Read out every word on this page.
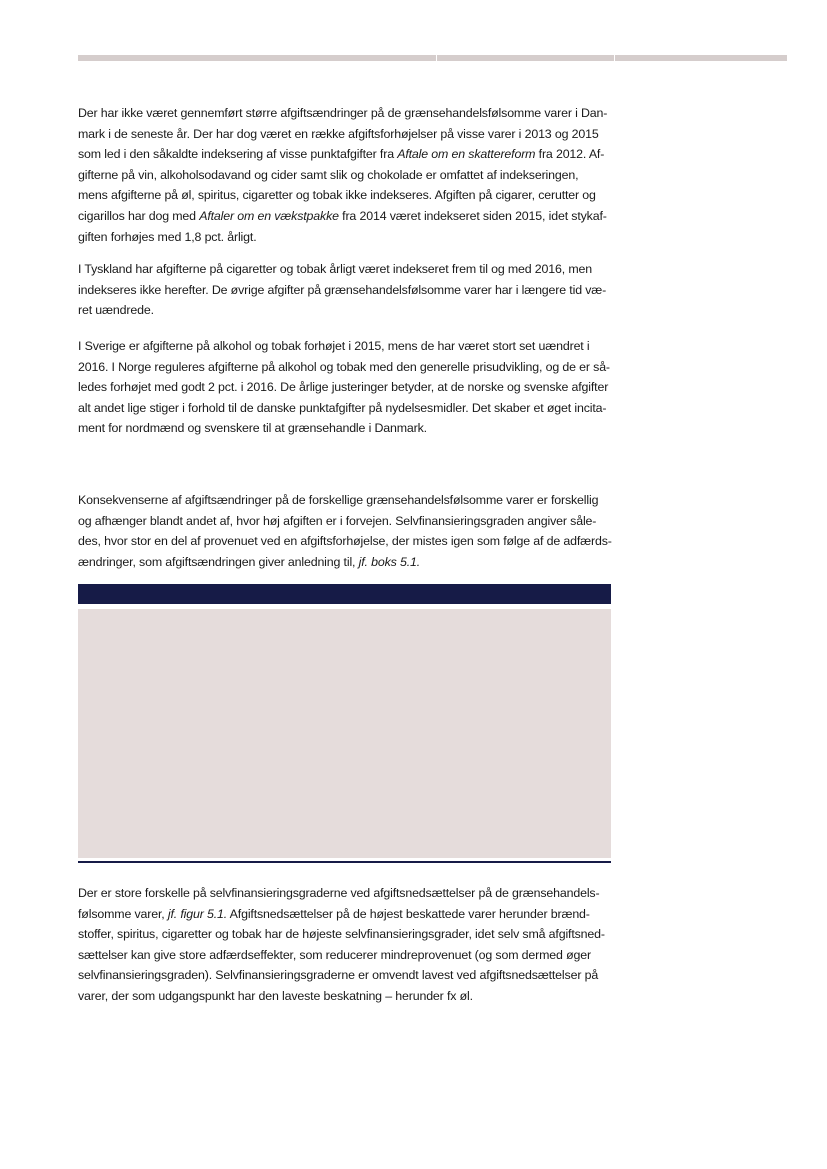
Der har ikke været gennemført større afgiftsændringer på de grænsehandelsfølsomme varer i Dan-
mark i de seneste år. Der har dog været en række afgiftsforhøjelser på visse varer i 2013 og 2015
som led i den såkaldte indeksering af visse punktafgifter fra Aftale om en skattereform fra 2012. Af-
gifterne på vin, alkoholsodavand og cider samt slik og chokolade er omfattet af indekseringen,
mens afgifterne på øl, spiritus, cigaretter og tobak ikke indekseres. Afgiften på cigarer, cerutter og
cigarillos har dog med Aftaler om en vækstpakke fra 2014 været indekseret siden 2015, idet stykaf-
giften forhøjes med 1,8 pct. årligt.
I Tyskland har afgifterne på cigaretter og tobak årligt været indekseret frem til og med 2016, men
indekseres ikke herefter. De øvrige afgifter på grænsehandelsfølsomme varer har i længere tid væ-
ret uændrede.
I Sverige er afgifterne på alkohol og tobak forhøjet i 2015, mens de har været stort set uændret i
2016. I Norge reguleres afgifterne på alkohol og tobak med den generelle prisudvikling, og de er så-
ledes forhøjet med godt 2 pct. i 2016. De årlige justeringer betyder, at de norske og svenske afgifter
alt andet lige stiger i forhold til de danske punktafgifter på nydelsesmidler. Det skaber et øget incita-
ment for nordmænd og svenskere til at grænsehandle i Danmark.
Konsekvenserne af afgiftsændringer på de forskellige grænsehandelsfølsomme varer er forskellig
og afhænger blandt andet af, hvor høj afgiften er i forvejen. Selvfinansieringsgraden angiver såle-
des, hvor stor en del af provenuet ved en afgiftsforhøjelse, der mistes igen som følge af de adfærds-
ændringer, som afgiftsændringen giver anledning til, jf. boks 5.1.
Der er store forskelle på selvfinansieringsgraderne ved afgiftsnedsættelser på de grænsehandels-
følsomme varer, jf. figur 5.1. Afgiftsnedsættelser på de højest beskattede varer herunder brænd-
stoffer, spiritus, cigaretter og tobak har de højeste selvfinansieringsgrader, idet selv små afgiftsned-
sættelser kan give store adfærdseffekter, som reducerer mindreprovenuet (og som dermed øger
selvfinansieringsgraden). Selvfinansieringsgraderne er omvendt lavest ved afgiftsnedsættelser på
varer, der som udgangspunkt har den laveste beskatning – herunder fx øl.
